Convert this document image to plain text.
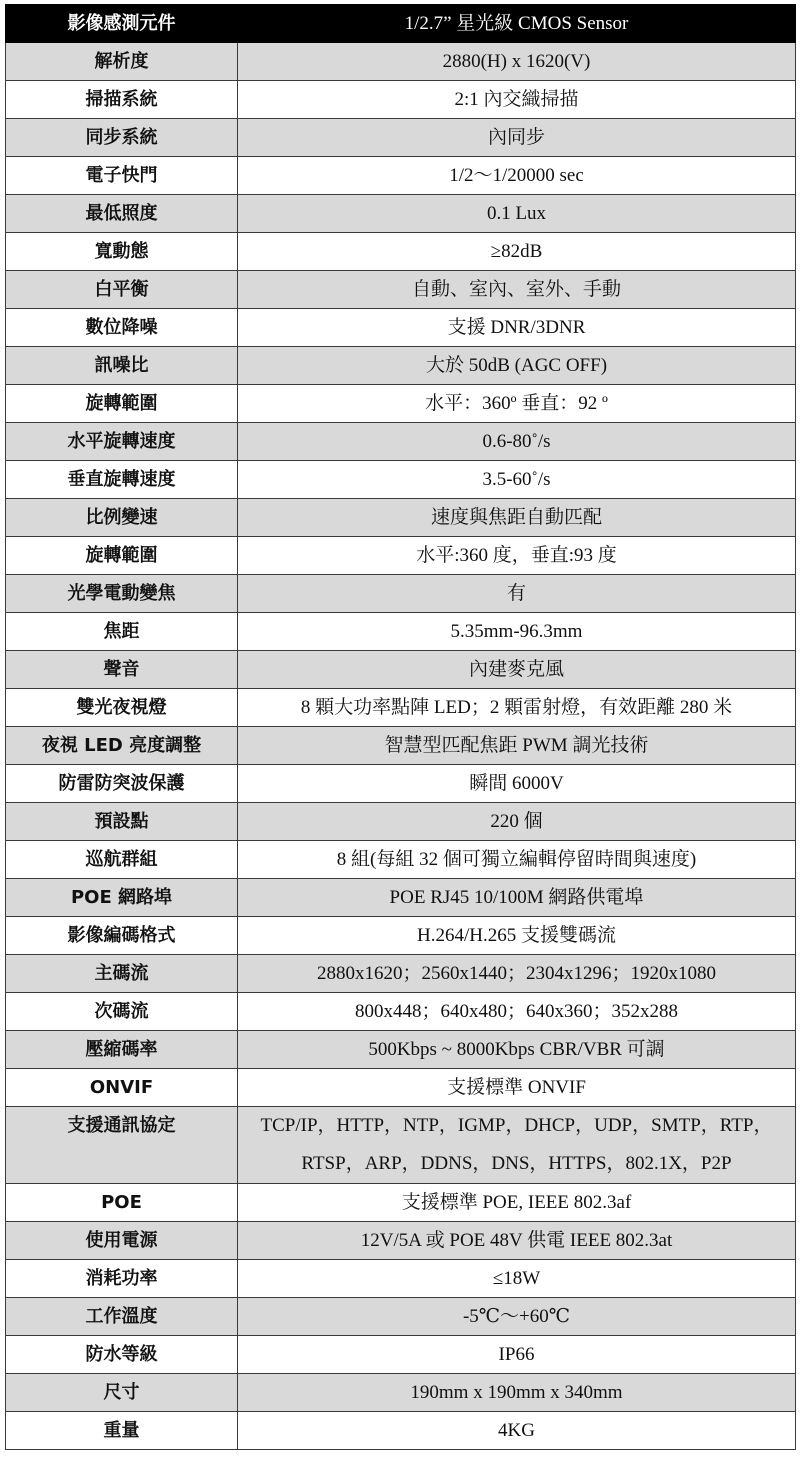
影像感測元件	1/2.7” 星光級 CMOS Sensor
解析度	2880(H) x 1620(V)
掃描系統	2:1 內交織掃描
同步系統	內同步
電子快門	1/2～1/20000 sec
最低照度	0.1 Lux
寬動態	≥82dB
白平衡	自動、室內、室外、手動
數位降噪	支援 DNR/3DNR
訊噪比	大於 50dB (AGC OFF)
旋轉範圍	水平：360º 垂直：92 º
水平旋轉速度	0.6-80˚/s
垂直旋轉速度	3.5-60˚/s
比例變速	速度與焦距自動匹配
旋轉範圍	水平:360 度，垂直:93 度
光學電動變焦	有
焦距	5.35mm-96.3mm
聲音	內建麥克風
雙光夜視燈	8 顆大功率點陣 LED；2 顆雷射燈，有效距離 280 米
夜視 LED 亮度調整	智慧型匹配焦距 PWM 調光技術
防雷防突波保護	瞬間 6000V
預設點	220 個
巡航群組	8 組(每組 32 個可獨立編輯停留時間與速度)
POE 網路埠	POE RJ45 10/100M 網路供電埠
影像編碼格式	H.264/H.265 支援雙碼流
主碼流	2880x1620；2560x1440；2304x1296；1920x1080
次碼流	800x448；640x480；640x360；352x288
壓縮碼率	500Kbps ~ 8000Kbps CBR/VBR 可調
ONVIF	支援標準 ONVIF
支援通訊協定	TCP/IP，HTTP，NTP，IGMP，DHCP，UDP，SMTP，RTP，
RTSP，ARP，DDNS，DNS，HTTPS，802.1X，P2P

POE	支援標準 POE, IEEE 802.3af
使用電源	12V/5A 或 POE 48V 供電 IEEE 802.3at
消耗功率	≤18W
工作溫度	-5℃～+60℃
防水等級	IP66
尺寸	190mm x 190mm x 340mm
重量	4KG
